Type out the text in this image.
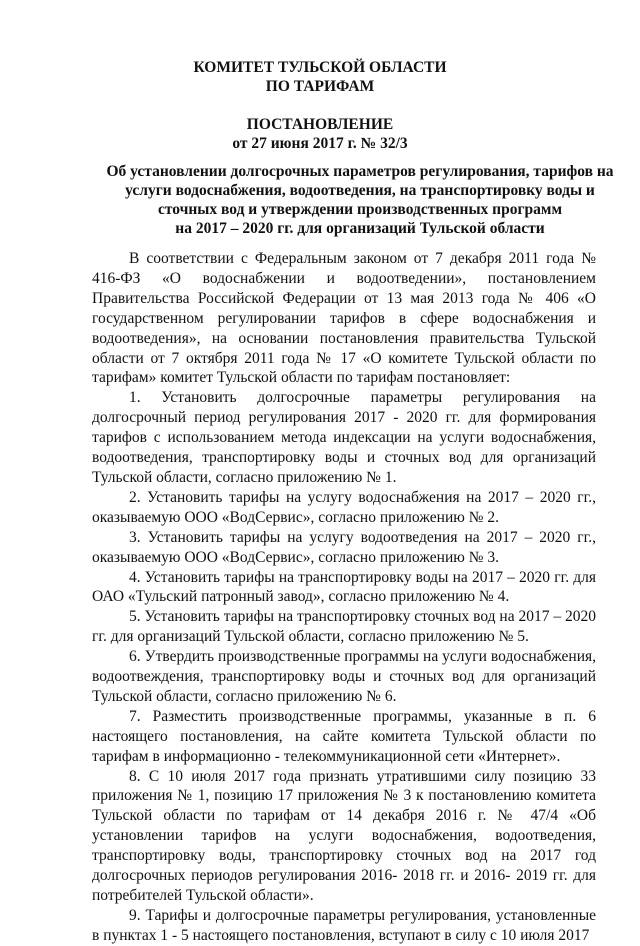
КОМИТЕТ ТУЛЬСКОЙ ОБЛАСТИ
ПО ТАРИФАМ
ПОСТАНОВЛЕНИЕ
от 27 июня 2017 г. № 32/3
Об установлении долгосрочных параметров регулирования, тарифов на
услуги водоснабжения, водоотведения, на транспортировку воды и
сточных вод и утверждении производственных программ
на 2017 – 2020 гг. для организаций Тульской области

В соответствии с Федеральным законом от 7 декабря 2011 года № 416-ФЗ «О водоснабжении и водоотведении», постановлением Правительства Российской Федерации от 13 мая 2013 года № 406 «О государственном регулировании тарифов в сфере водоснабжения и водоотведения», на основании постановления правительства Тульской области от 7 октября 2011 года № 17 «О комитете Тульской области по тарифам» комитет Тульской области по тарифам постановляет:

1. Установить долгосрочные параметры регулирования на долгосрочный период регулирования 2017 - 2020 гг. для формирования тарифов с использованием метода индексации на услуги водоснабжения, водоотведения, транспортировку воды и сточных вод для организаций Тульской области, согласно приложению № 1.

2. Установить тарифы на услугу водоснабжения на 2017 – 2020 гг., оказываемую ООО «ВодСервис», согласно приложению № 2.

3. Установить тарифы на услугу водоотведения на 2017 – 2020 гг., оказываемую ООО «ВодСервис», согласно приложению № 3.

4. Установить тарифы на транспортировку воды на 2017 – 2020 гг. для ОАО «Тульский патронный завод», согласно приложению № 4.

5. Установить тарифы на транспортировку сточных вод на 2017 – 2020 гг. для организаций Тульской области, согласно приложению № 5.

6. Утвердить производственные программы на услуги водоснабжения, водоотвеждения, транспортировку воды и сточных вод для организаций Тульской области, согласно приложению № 6.

7. Разместить производственные программы, указанные в п. 6 настоящего постановления, на сайте комитета Тульской области по тарифам в информационно - телекоммуникационной сети «Интернет».

8. С 10 июля 2017 года признать утратившими силу позицию 33 приложения № 1, позицию 17 приложения № 3 к постановлению комитета Тульской области по тарифам от 14 декабря 2016 г. № 47/4 «Об установлении тарифов на услуги водоснабжения, водоотведения, транспортировку воды, транспортировку сточных вод на 2017 год долгосрочных периодов регулирования 2016- 2018 гг. и 2016- 2019 гг. для потребителей Тульской области».

9. Тарифы и долгосрочные параметры регулирования, установленные в пунктах 1 - 5 настоящего постановления, вступают в силу с 10 июля 2017
